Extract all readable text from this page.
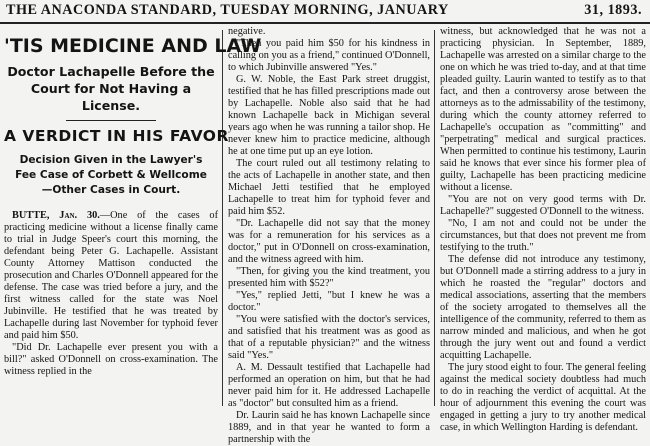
THE ANACONDA STANDARD, TUESDAY MORNING, JANUARY	31, 1893.
'TIS MEDICINE AND LAW
Doctor Lachapelle Before the Court for Not Having a License.
A VERDICT IN HIS FAVOR
Decision Given in the Lawyer's Fee Case of Corbett & Wellcome—Other Cases in Court.

BUTTE, Jan. 30.—One of the cases of practicing medicine without a license finally came to trial in Judge Speer's court this morning, the defendant being Peter G. Lachapelle. Assistant County Attorney Mattison conducted the prosecution and Charles O'Donnell appeared for the defense. The case was tried before a jury, and the first witness called for the state was Noel Jubinville. He testified that he was treated by Lachapelle during last November for typhoid fever and paid him $50.

"Did Dr. Lachapelle ever present you with a bill?" asked O'Donnell on cross-examination. The witness replied in the

negative.

"Then you paid him $50 for his kindness in calling on you as a friend," continued O'Donnell, to which Jubinville answered "Yes."

G. W. Noble, the East Park street druggist, testified that he has filled prescriptions made out by Lachapelle. Noble also said that he had known Lachapelle back in Michigan several years ago when he was running a tailor shop. He never knew him to practice medicine, although he at one time put up an eye lotion.

The court ruled out all testimony relating to the acts of Lachapelle in another state, and then Michael Jetti testified that he employed Lachapelle to treat him for typhoid fever and paid him $52.

"Dr. Lachapelle did not say that the money was for a remuneration for his services as a doctor," put in O'Donnell on cross-examination, and the witness agreed with him.

"Then, for giving you the kind treatment, you presented him with $52?"

"Yes," replied Jetti, "but I knew he was a doctor."

"You were satisfied with the doctor's services, and satisfied that his treatment was as good as that of a reputable physician?" and the witness said "Yes."

A. M. Dessault testified that Lachapelle had performed an operation on him, but that he had never paid him for it. He addressed Lachapelle as "doctor" but consulted him as a friend.

Dr. Laurin said he has known Lachapelle since 1889, and in that year he wanted to form a partnership with the

witness, but acknowledged that he was not a practicing physician. In September, 1889, Lachapelle was arrested on a similar charge to the one on which he was tried to-day, and at that time pleaded guilty. Laurin wanted to testify as to that fact, and then a controversy arose between the attorneys as to the admissability of the testimony, during which the county attorney referred to Lachapelle's occupation as "committing" and "perpetrating" medical and surgical practices. When permitted to continue his testimony, Laurin said he knows that ever since his former plea of guilty, Lachapelle has been practicing medicine without a license.

"You are not on very good terms with Dr. Lachapelle?" suggested O'Donnell to the witness.

"No, I am not and could not be under the circumstances, but that does not prevent me from testifying to the truth."

The defense did not introduce any testimony, but O'Donnell made a stirring address to a jury in which he roasted the "regular" doctors and medical associations, asserting that the members of the society arrogated to themselves all the intelligence of the community, referred to them as narrow minded and malicious, and when he got through the jury went out and found a verdict acquitting Lachapelle.

The jury stood eight to four. The general feeling against the medical society doubtless had much to do in reaching the verdict of acquittal. At the hour of adjournment this evening the court was engaged in getting a jury to try another medical case, in which Wellington Harding is defendant.
